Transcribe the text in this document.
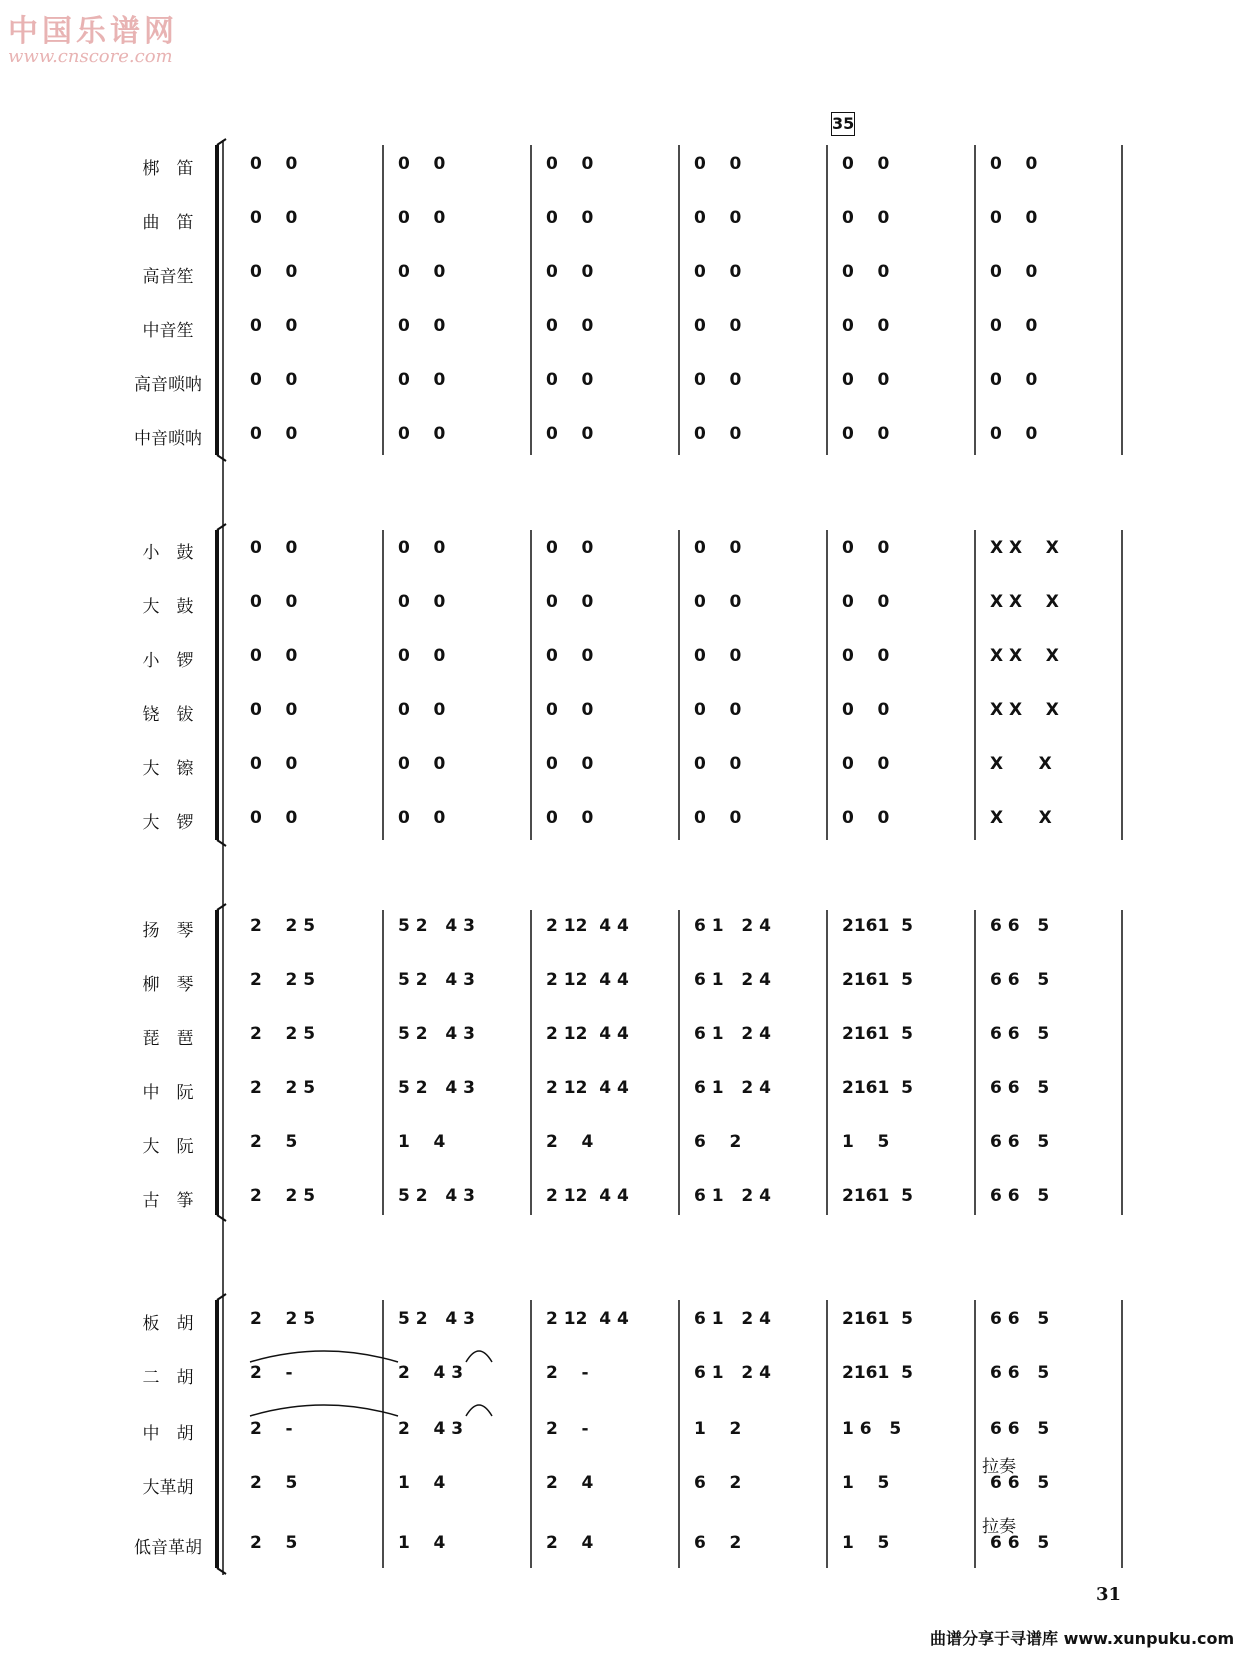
中国乐谱网
www.cnscore.com
35
梆　笛	0    0	0    0	0    0	0    0	0    0	0    0
曲　笛	0    0	0    0	0    0	0    0	0    0	0    0
高音笙	0    0	0    0	0    0	0    0	0    0	0    0
中音笙	0    0	0    0	0    0	0    0	0    0	0    0
高音唢呐	0    0	0    0	0    0	0    0	0    0	0    0
中音唢呐	0    0	0    0	0    0	0    0	0    0	0    0
小　鼓	0    0	0    0	0    0	0    0	0    0	X X    X
大　鼓	0    0	0    0	0    0	0    0	0    0	X X    X
小　锣	0    0	0    0	0    0	0    0	0    0	X X    X
铙　钹	0    0	0    0	0    0	0    0	0    0	X X    X
大　镲	0    0	0    0	0    0	0    0	0    0	X      X
大　锣	0    0	0    0	0    0	0    0	0    0	X      X
扬　琴	2    2 5	5 2   4 3	2 12  4 4	6 1   2 4	2161  5	6 6   5
柳　琴	2    2 5	5 2   4 3	2 12  4 4	6 1   2 4	2161  5	6 6   5
琵　琶	2    2 5	5 2   4 3	2 12  4 4	6 1   2 4	2161  5	6 6   5
中　阮	2    2 5	5 2   4 3	2 12  4 4	6 1   2 4	2161  5	6 6   5
大　阮	2    5	1    4	2    4	6    2	1    5	6 6   5
古　筝	2    2 5	5 2   4 3	2 12  4 4	6 1   2 4	2161  5	6 6   5
板　胡	2    2 5	5 2   4 3	2 12  4 4	6 1   2 4	2161  5	6 6   5
二　胡	2    -	2    4 3	2    -	6 1   2 4	2161  5	6 6   5
中　胡	2    -	2    4 3	2    -	1    2	1 6   5	6 6   5
大革胡	2    5	1    4	2    4	6    2	1    5	6 6   5
低音革胡	2    5	1    4	2    4	6    2	1    5	6 6   5
拉奏
拉奏
31
曲谱分享于寻谱库 www.xunpuku.com
